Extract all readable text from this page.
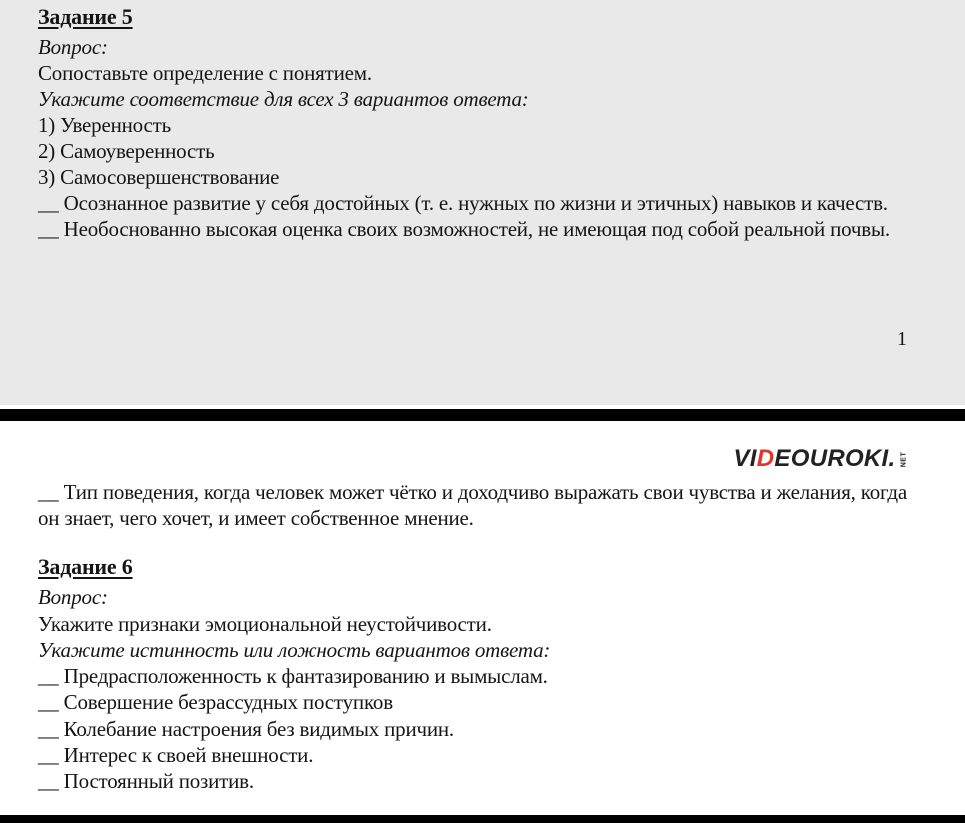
Задание 5
Вопрос:
Сопоставьте определение с понятием.
Укажите соответствие для всех 3 вариантов ответа:
1) Уверенность
2) Самоуверенность
3) Самосовершенствование
__ Осознанное развитие у себя достойных (т. е. нужных по жизни и этичных) навыков и качеств.
__ Необоснованно высокая оценка своих возможностей, не имеющая под собой реальной почвы.
1
VI D EOUROKI . NET
__ Тип поведения, когда человек может чётко и доходчиво выражать свои чувства и желания, когда он знает, чего хочет, и имеет собственное мнение.
Задание 6
Вопрос:
Укажите признаки эмоциональной неустойчивости.
Укажите истинность или ложность вариантов ответа:
__ Предрасположенность к фантазированию и вымыслам.
__ Совершение безрассудных поступков
__ Колебание настроения без видимых причин.
__ Интерес к своей внешности.
__ Постоянный позитив.
